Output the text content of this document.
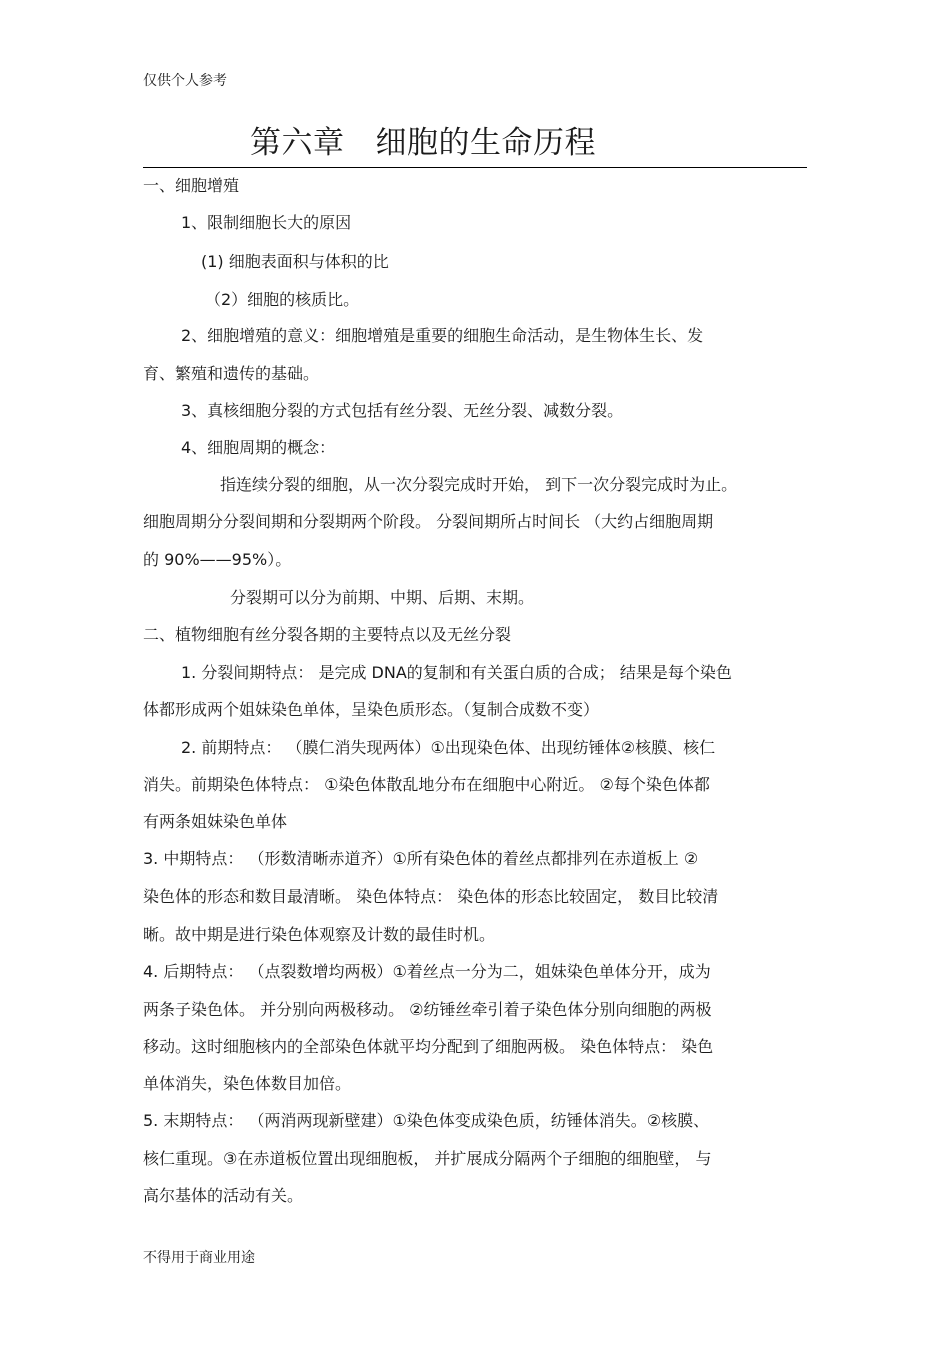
仅供个人参考
第六章   细胞的生命历程
一、细胞增殖
1、限制细胞长大的原因
(1) 细胞表面积与体积的比
（2）细胞的核质比。
2、细胞增殖的意义：细胞增殖是重要的细胞生命活动，是生物体生长、发
育、繁殖和遗传的基础。
3、真核细胞分裂的方式包括有丝分裂、无丝分裂、减数分裂。
4、细胞周期的概念：
指连续分裂的细胞，从一次分裂完成时开始， 到下一次分裂完成时为止。
细胞周期分分裂间期和分裂期两个阶段。 分裂间期所占时间长 （大约占细胞周期
的 90%——95%）。
分裂期可以分为前期、中期、后期、末期。
二、植物细胞有丝分裂各期的主要特点以及无丝分裂
1. 分裂间期特点： 是完成 DNA的复制和有关蛋白质的合成； 结果是每个染色
体都形成两个姐妹染色单体，呈染色质形态。（复制合成数不变）
2. 前期特点： （膜仁消失现两体）①出现染色体、出现纺锤体②核膜、核仁
消失。前期染色体特点： ①染色体散乱地分布在细胞中心附近。 ②每个染色体都
有两条姐妹染色单体
3. 中期特点： （形数清晰赤道齐）①所有染色体的着丝点都排列在赤道板上 ②
染色体的形态和数目最清晰。 染色体特点： 染色体的形态比较固定， 数目比较清
晰。故中期是进行染色体观察及计数的最佳时机。
4. 后期特点： （点裂数增均两极）①着丝点一分为二，姐妹染色单体分开，成为
两条子染色体。 并分别向两极移动。 ②纺锤丝牵引着子染色体分别向细胞的两极
移动。这时细胞核内的全部染色体就平均分配到了细胞两极。 染色体特点： 染色
单体消失，染色体数目加倍。
5. 末期特点： （两消两现新壁建）①染色体变成染色质，纺锤体消失。②核膜、
核仁重现。③在赤道板位置出现细胞板， 并扩展成分隔两个子细胞的细胞壁， 与
高尔基体的活动有关。
不得用于商业用途
